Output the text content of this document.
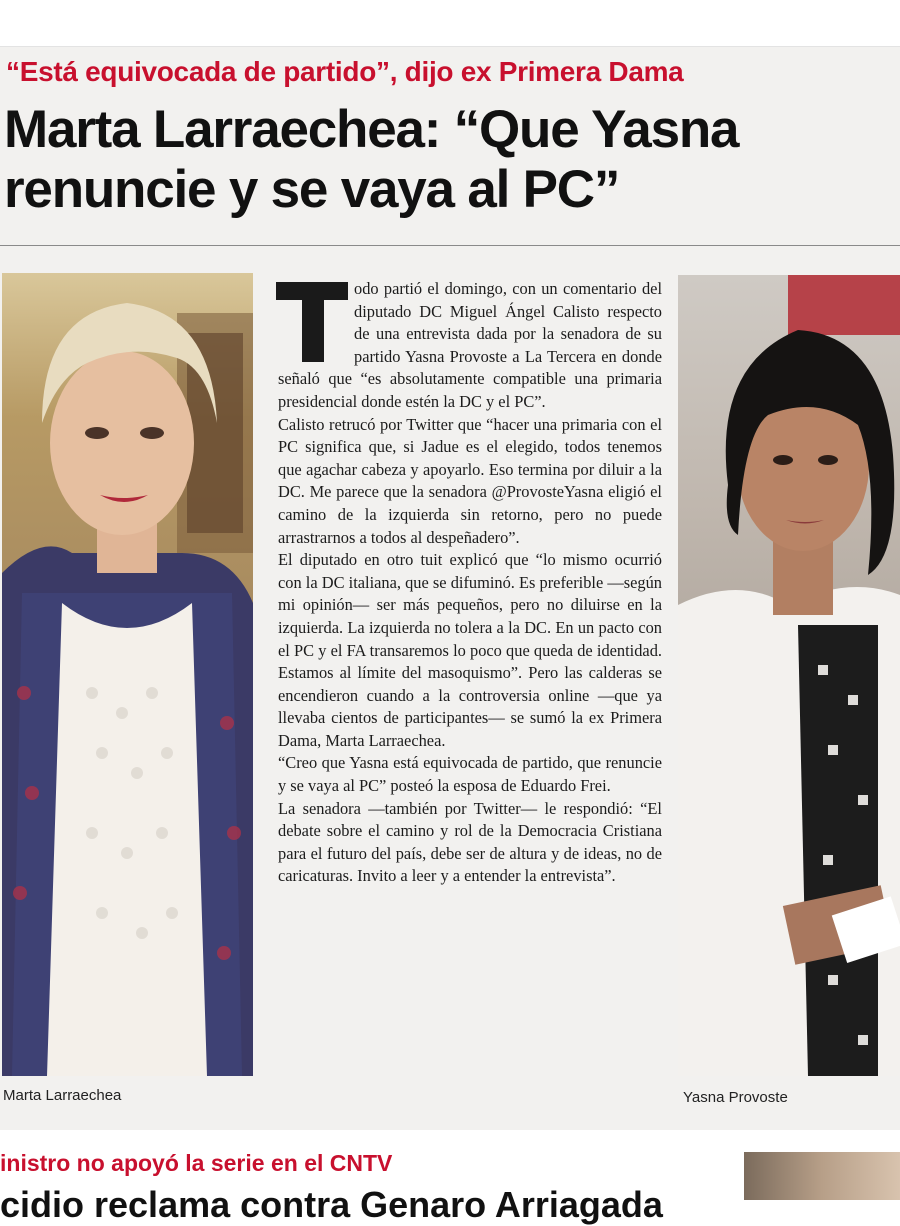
“Está equivocada de partido”, dijo ex Primera Dama
Marta Larraechea: “Que Yasna renuncie y se vaya al PC”
Marta Larraechea

odo partió el domingo, con un comentario del diputado DC Miguel Ángel Calisto respecto de una entrevista dada por la senadora de su partido Yasna Provoste a La Tercera en donde señaló que “es absolutamente compatible una primaria presidencial donde estén la DC y el PC”.

Calisto retrucó por Twitter que “hacer una primaria con el PC significa que, si Jadue es el elegido, todos tenemos que agachar cabeza y apoyarlo. Eso termina por diluir a la DC. Me parece que la senadora @ProvosteYasna eligió el camino de la izquierda sin retorno, pero no puede arrastrarnos a todos al despeñadero”.

El diputado en otro tuit explicó que “lo mismo ocurrió con la DC italiana, que se difuminó. Es preferible —según mi opinión— ser más pequeños, pero no diluirse en la izquierda. La izquierda no tolera a la DC. En un pacto con el PC y el FA transaremos lo poco que queda de identidad. Estamos al límite del masoquismo”. Pero las calderas se encendieron cuando a la controversia online —que ya llevaba cientos de participantes— se sumó la ex Primera Dama, Marta Larraechea.

“Creo que Yasna está equivocada de partido, que renuncie y se vaya al PC” posteó la esposa de Eduardo Frei.

La senadora —también por Twitter— le respondió: “El debate sobre el camino y rol de la Democracia Cristiana para el futuro del país, debe ser de altura y de ideas, no de caricaturas. Invito a leer y a entender la entrevista”.

Yasna Provoste
inistro no apoyó la serie en el CNTV
cidio reclama contra Genaro Arriagada
